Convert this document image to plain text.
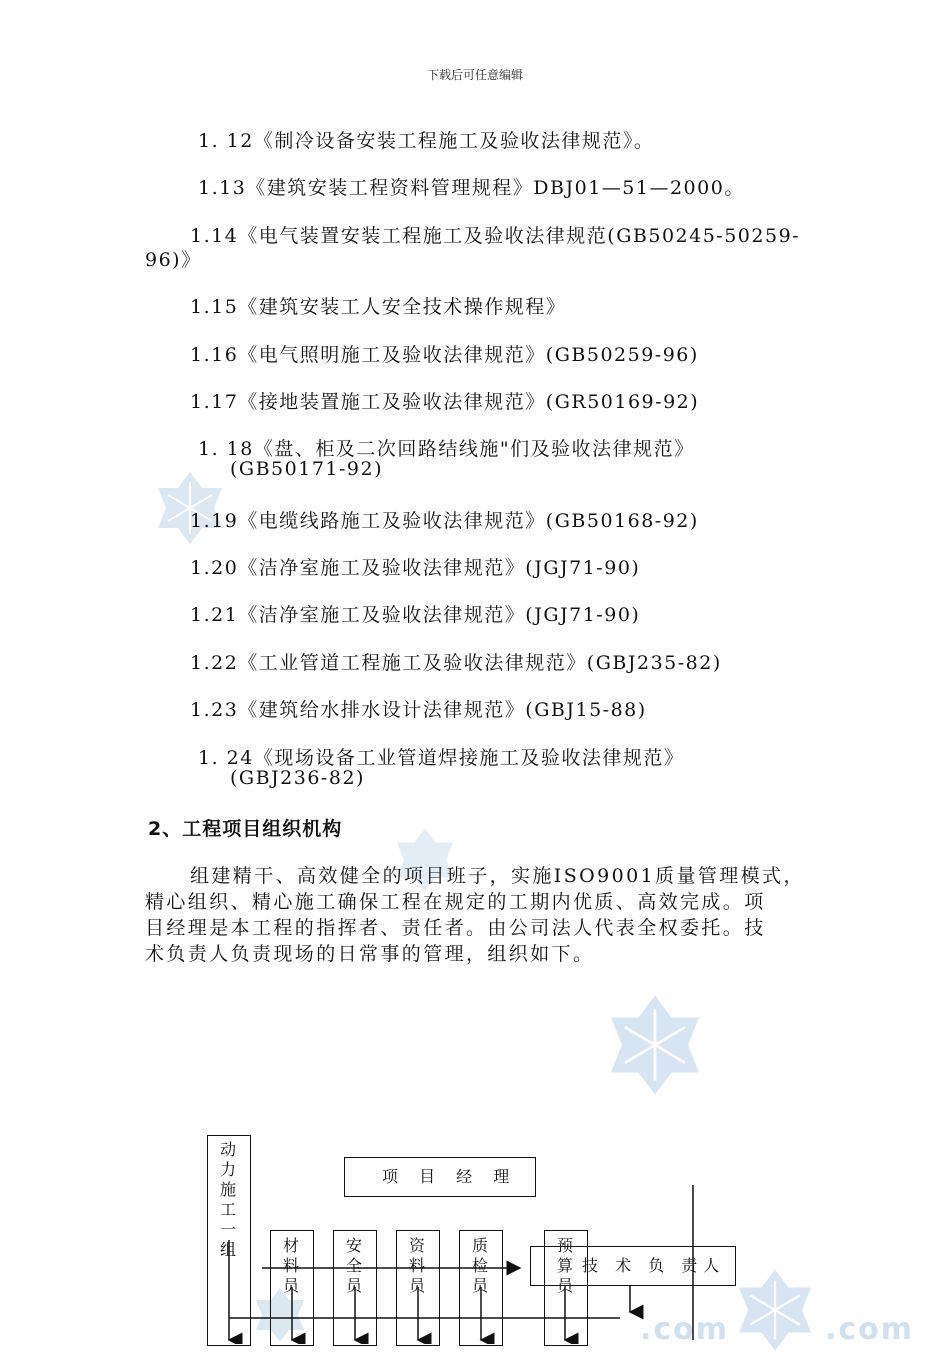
.com	.com
下载后可任意编辑
1. 12《制冷设备安装工程施工及验收法律规范》。
1.13《建筑安装工程资料管理规程》DBJ01—51—2000。
1.14《电气装置安装工程施工及验收法律规范(GB50245-50259-
96)》
1.15《建筑安装工人安全技术操作规程》
1.16《电气照明施工及验收法律规范》(GB50259-96)
1.17《接地装置施工及验收法律规范》(GR50169-92)
1. 18《盘、柜及二次回路结线施"们及验收法律规范》
(GB50171-92)
1.19《电缆线路施工及验收法律规范》(GB50168-92)
1.20《洁净室施工及验收法律规范》(JGJ71-90)
1.21《洁净室施工及验收法律规范》(JGJ71-90)
1.22《工业管道工程施工及验收法律规范》(GBJ235-82)
1.23《建筑给水排水设计法律规范》(GBJ15-88)
1. 24《现场设备工业管道焊接施工及验收法律规范》
(GBJ236-82)
2、工程项目组织机构
组建精干、高效健全的项目班子，实施ISO9001质量管理模式，
精心组织、精心施工确保工程在规定的工期内优质、高效完成。项
目经理是本工程的指挥者、责任者。由公司法人代表全权委托。技
术负责人负责现场的日常事的管理，组织如下。
项 目 经 理
技 术 负 责人
动力施工一组	材料员
安全员
资料员
质检员
预算员
